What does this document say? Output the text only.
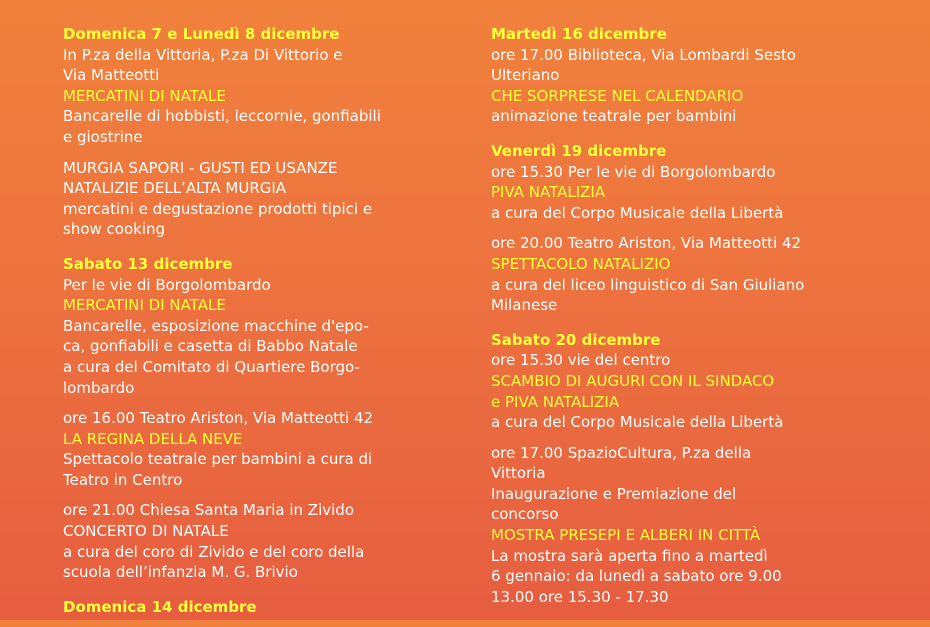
Domenica 7 e Lunedì 8 dicembre
In P.za della Vittoria, P.za Di Vittorio e
Via Matteotti
MERCATINI DI NATALE
Bancarelle di hobbisti, leccornie, gonfiabili
e giostrine
MURGIA SAPORI - GUSTI ED USANZE
NATALIZIE DELL’ALTA MURGIA
mercatini e degustazione prodotti tipici e
show cooking
Sabato 13 dicembre
Per le vie di Borgolombardo
MERCATINI DI NATALE
Bancarelle, esposizione macchine d'epo-
ca, gonfiabili e casetta di Babbo Natale
a cura del Comitato di Quartiere Borgo-
lombardo
ore 16.00 Teatro Ariston, Via Matteotti 42
LA REGINA DELLA NEVE
Spettacolo teatrale per bambini a cura di
Teatro in Centro
ore 21.00 Chiesa Santa Maria in Zivido
CONCERTO DI NATALE
a cura del coro di Zivido e del coro della
scuola dell’infanzia M. G. Brivio
Domenica 14 dicembre
Martedì 16 dicembre
ore 17.00 Biblioteca, Via Lombardi Sesto
Ulteriano
CHE SORPRESE NEL CALENDARIO
animazione teatrale per bambini
Venerdì 19 dicembre
ore 15.30 Per le vie di Borgolombardo
PIVA NATALIZIA
a cura del Corpo Musicale della Libertà
ore 20.00 Teatro Ariston, Via Matteotti 42
SPETTACOLO NATALIZIO
a cura del liceo linguistico di San Giuliano
Milanese
Sabato 20 dicembre
ore 15.30 vie del centro
SCAMBIO DI AUGURI CON IL SINDACO
e PIVA NATALIZIA
a cura del Corpo Musicale della Libertà
ore 17.00 SpazioCultura, P.za della
Vittoria
Inaugurazione e Premiazione del
concorso
MOSTRA PRESEPI E ALBERI IN CITTÀ
La mostra sarà aperta fino a martedì
6 gennaio: da lunedì a sabato ore 9.00
13.00 ore 15.30 - 17.30
